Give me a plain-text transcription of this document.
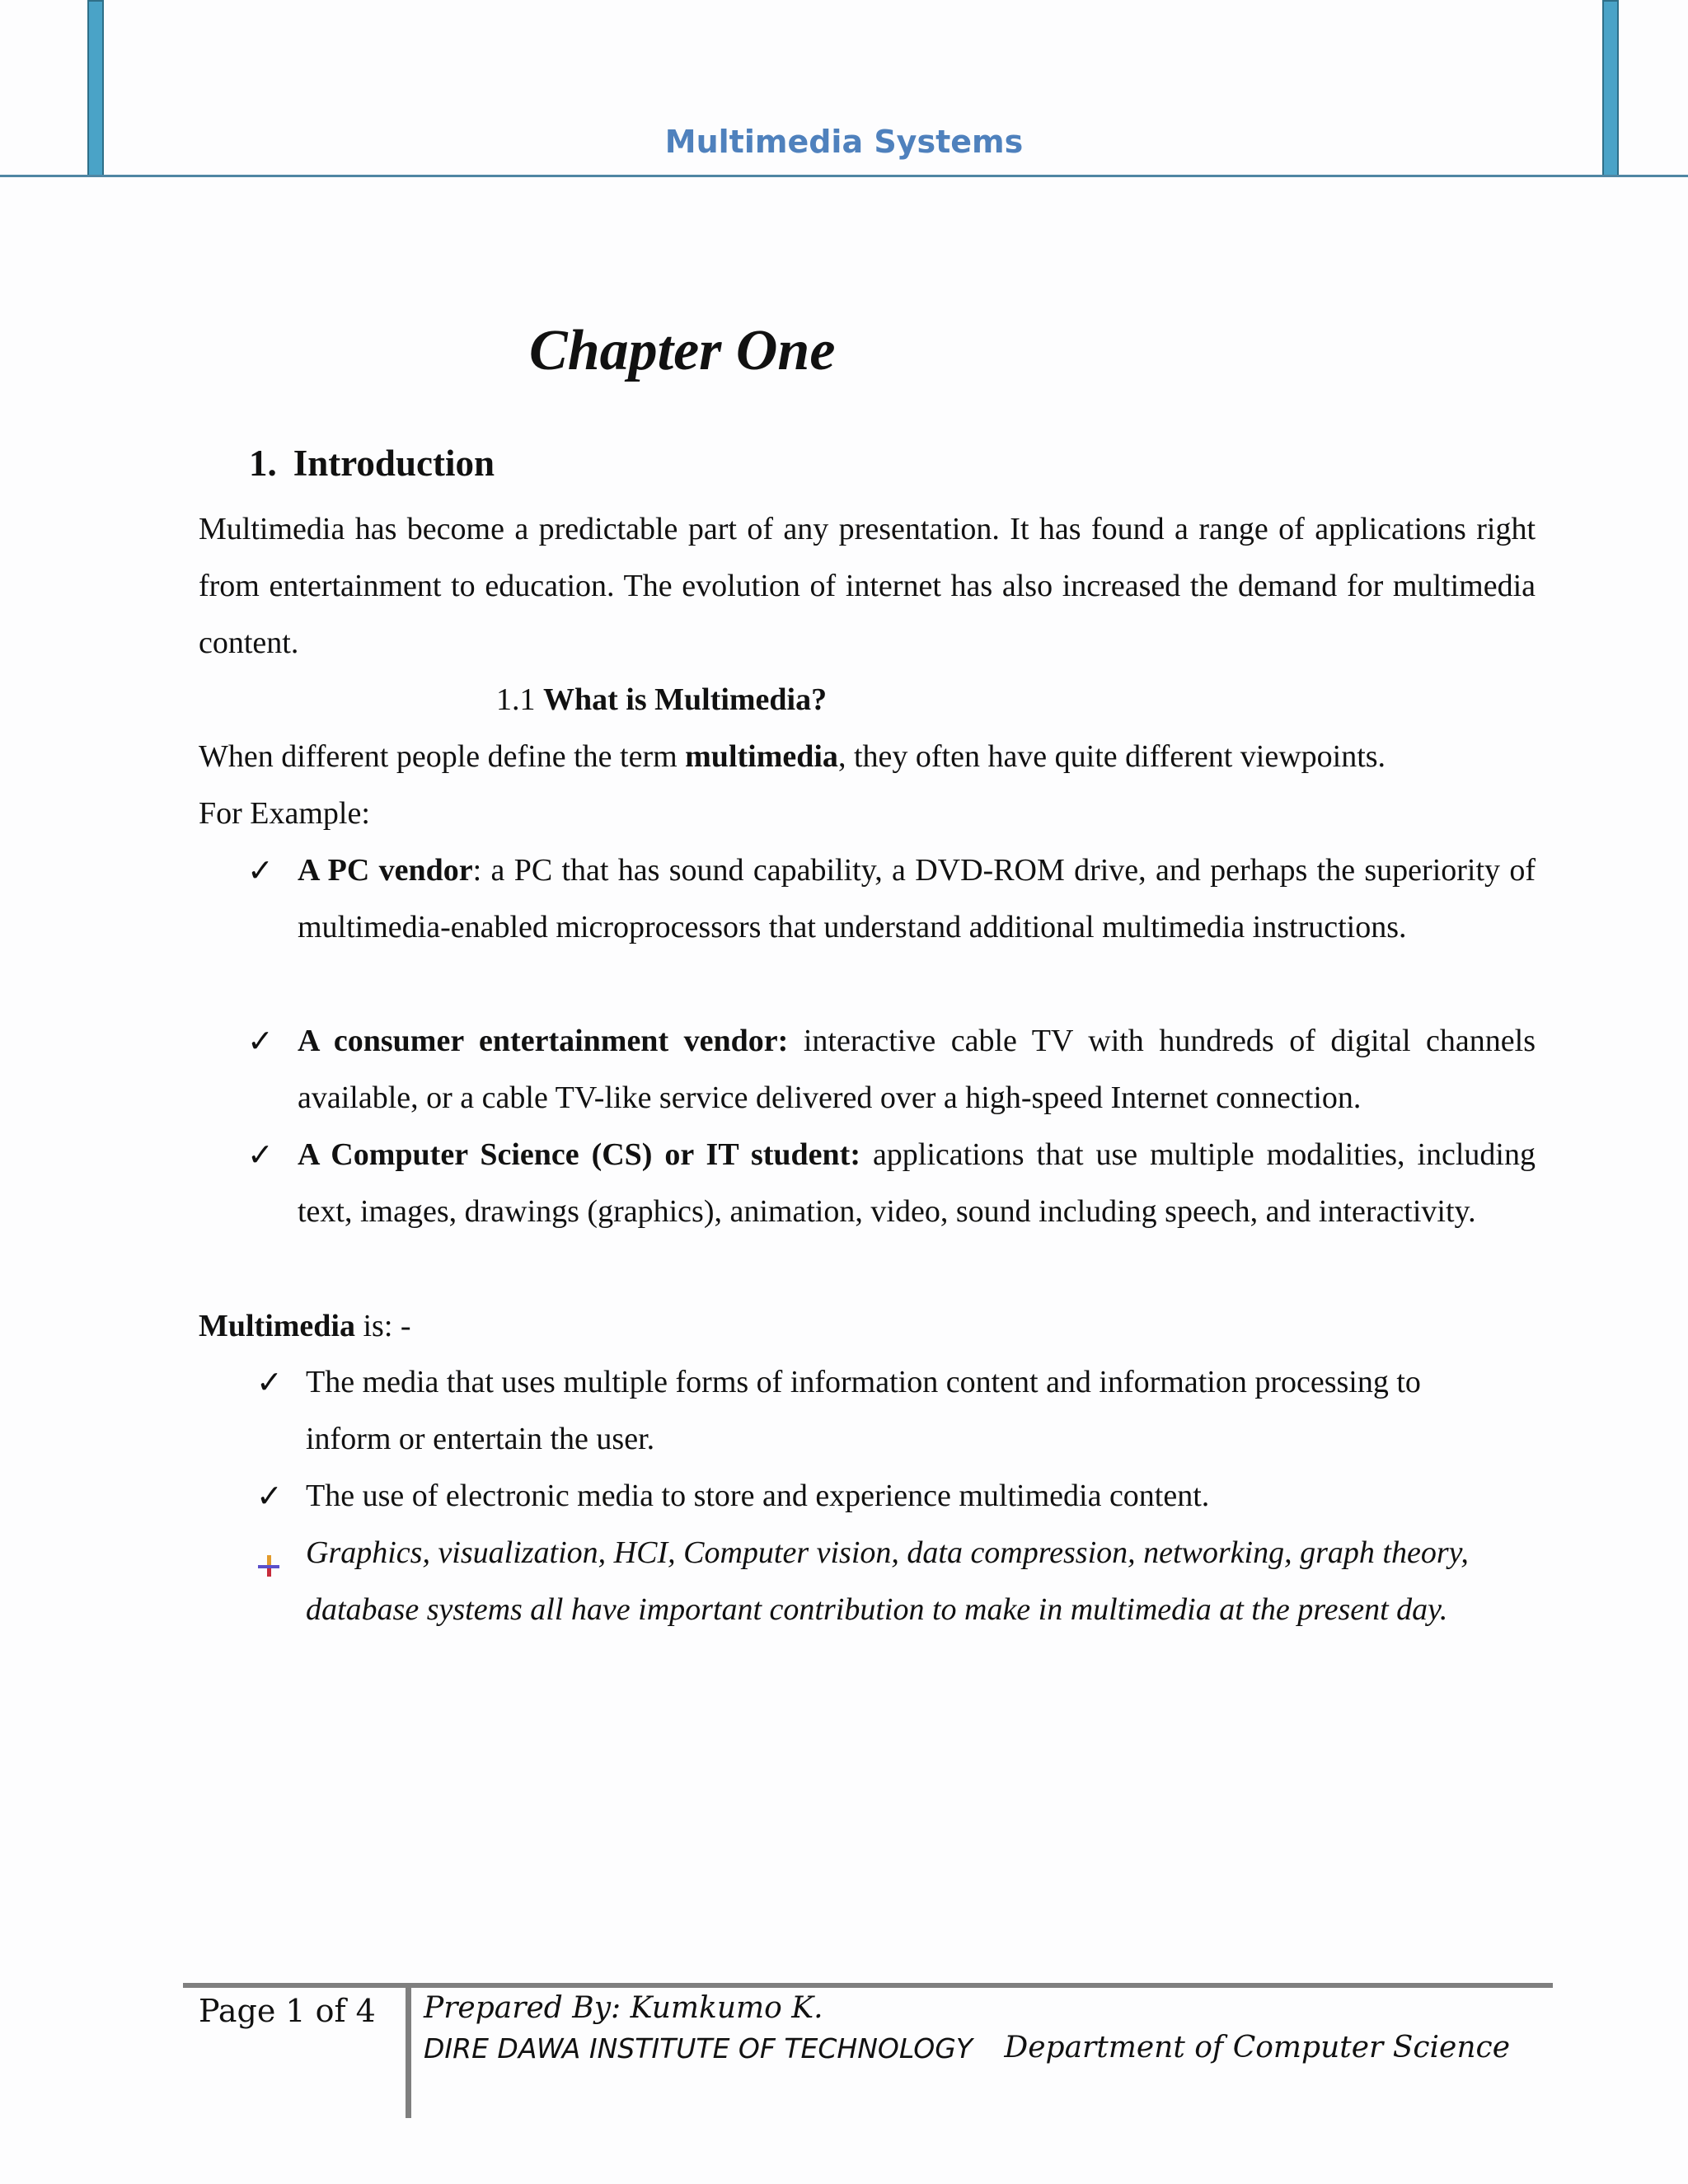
Multimedia Systems
Chapter One
1. Introduction
Multimedia has become a predictable part of any presentation. It has found a range of applications right from entertainment to education. The evolution of internet has also increased the demand for multimedia content.
1.1 What is Multimedia?
When different people define the term multimedia, they often have quite different viewpoints.
For Example:
✓ A PC vendor: a PC that has sound capability, a DVD-ROM drive, and perhaps the superiority of multimedia-enabled microprocessors that understand additional multimedia instructions.
✓ A consumer entertainment vendor: interactive cable TV with hundreds of digital channels available, or a cable TV-like service delivered over a high-speed Internet connection.
✓ A Computer Science (CS) or IT student: applications that use multiple modalities, including text, images, drawings (graphics), animation, video, sound including speech, and interactivity.
Multimedia is: -
✓ The media that uses multiple forms of information content and information processing to inform or entertain the user.
✓ The use of electronic media to store and experience multimedia content.
Graphics, visualization, HCI, Computer vision, data compression, networking, graph theory, database systems all have important contribution to make in multimedia at the present day.
Page 1 of 4 Prepared By: Kumkumo K.
DIRE DAWA INSTITUTE OF TECHNOLOGY Department of Computer Science
